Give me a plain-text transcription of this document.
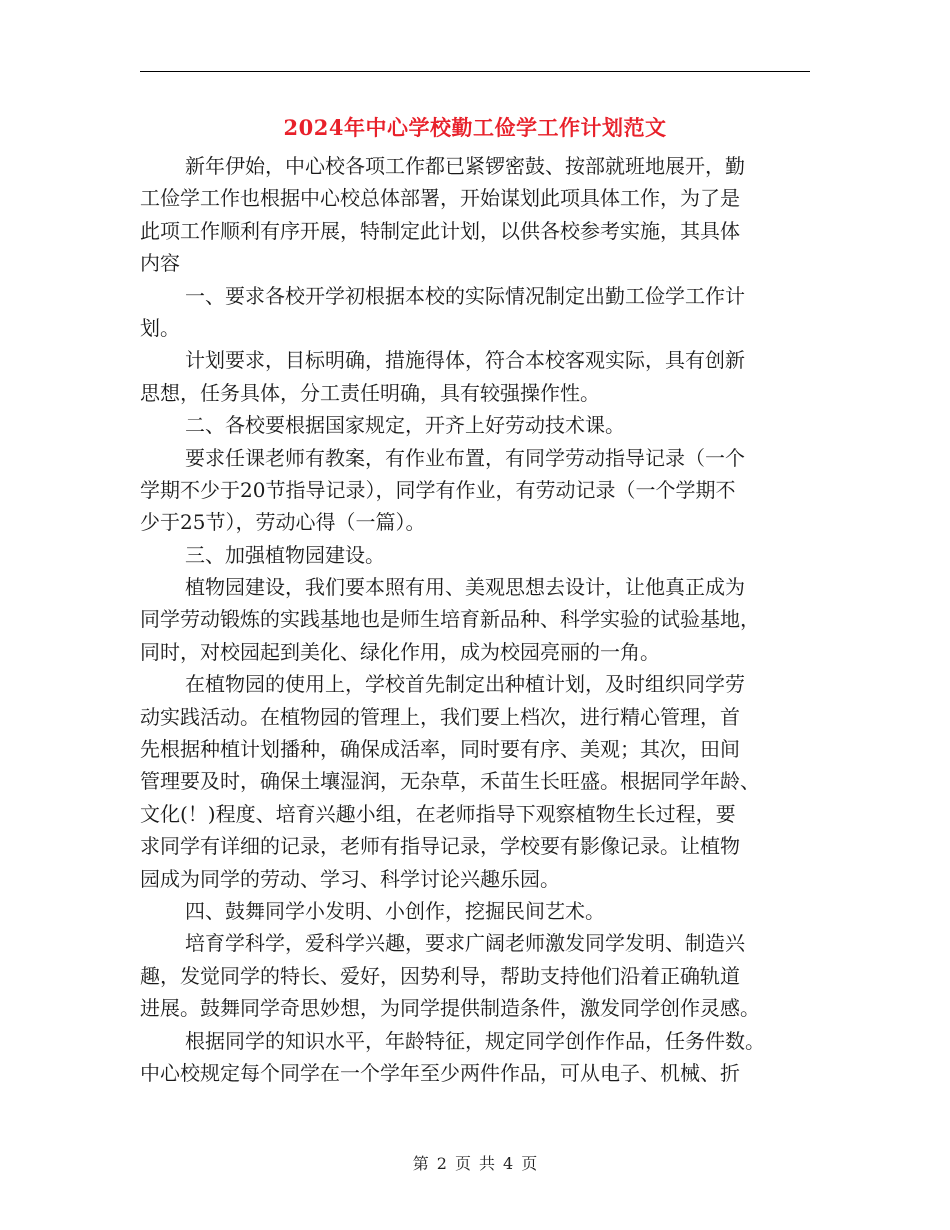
2024年中心学校勤工俭学工作计划范文
新年伊始，中心校各项工作都已紧锣密鼓、按部就班地展开，勤
工俭学工作也根据中心校总体部署，开始谋划此项具体工作，为了是
此项工作顺利有序开展，特制定此计划，以供各校参考实施，其具体
内容
一、要求各校开学初根据本校的实际情况制定出勤工俭学工作计
划。
计划要求，目标明确，措施得体，符合本校客观实际，具有创新
思想，任务具体，分工责任明确，具有较强操作性。
二、各校要根据国家规定，开齐上好劳动技术课。
要求任课老师有教案，有作业布置，有同学劳动指导记录（一个
学期不少于20节指导记录），同学有作业，有劳动记录（一个学期不
少于25节），劳动心得（一篇）。
三、加强植物园建设。
植物园建设，我们要本照有用、美观思想去设计，让他真正成为
同学劳动锻炼的实践基地也是师生培育新品种、科学实验的试验基地，
同时，对校园起到美化、绿化作用，成为校园亮丽的一角。
在植物园的使用上，学校首先制定出种植计划，及时组织同学劳
动实践活动。在植物园的管理上，我们要上档次，进行精心管理，首
先根据种植计划播种，确保成活率，同时要有序、美观；其次，田间
管理要及时，确保土壤湿润，无杂草，禾苗生长旺盛。根据同学年龄、
文化(！)程度、培育兴趣小组，在老师指导下观察植物生长过程，要
求同学有详细的记录，老师有指导记录，学校要有影像记录。让植物
园成为同学的劳动、学习、科学讨论兴趣乐园。
四、鼓舞同学小发明、小创作，挖掘民间艺术。
培育学科学，爱科学兴趣，要求广阔老师激发同学发明、制造兴
趣，发觉同学的特长、爱好，因势利导，帮助支持他们沿着正确轨道
进展。鼓舞同学奇思妙想，为同学提供制造条件，激发同学创作灵感。
根据同学的知识水平，年龄特征，规定同学创作作品，任务件数。
中心校规定每个同学在一个学年至少两件作品，可从电子、机械、折
第 2 页 共 4 页
